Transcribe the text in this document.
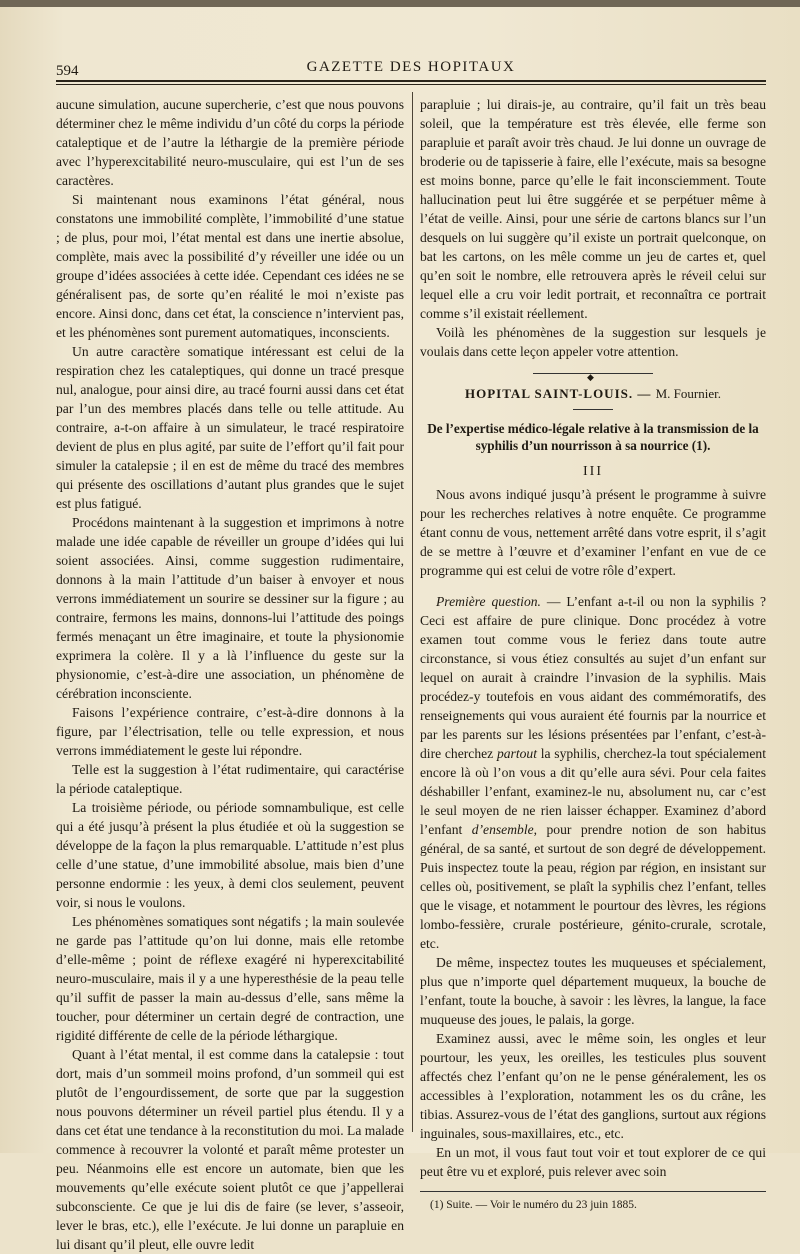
594	GAZETTE DES HOPITAUX

aucune simulation, aucune supercherie, c’est que nous pouvons déterminer chez le même individu d’un côté du corps la période cataleptique et de l’autre la léthargie de la première période avec l’hyperexcitabilité neuro-musculaire, qui est l’un de ses caractères.

Si maintenant nous examinons l’état général, nous constatons une immobilité complète, l’immobilité d’une statue ; de plus, pour moi, l’état mental est dans une inertie absolue, complète, mais avec la possibilité d’y réveiller une idée ou un groupe d’idées associées à cette idée. Cependant ces idées ne se généralisent pas, de sorte qu’en réalité le moi n’existe pas encore. Ainsi donc, dans cet état, la conscience n’intervient pas, et les phénomènes sont purement automatiques, inconscients.

Un autre caractère somatique intéressant est celui de la respiration chez les cataleptiques, qui donne un tracé presque nul, analogue, pour ainsi dire, au tracé fourni aussi dans cet état par l’un des membres placés dans telle ou telle attitude. Au contraire, a-t-on affaire à un simulateur, le tracé respiratoire devient de plus en plus agité, par suite de l’effort qu’il fait pour simuler la catalepsie ; il en est de même du tracé des membres qui présente des oscillations d’autant plus grandes que le sujet est plus fatigué.

Procédons maintenant à la suggestion et imprimons à notre malade une idée capable de réveiller un groupe d’idées qui lui soient associées. Ainsi, comme suggestion rudimentaire, donnons à la main l’attitude d’un baiser à envoyer et nous verrons immédiatement un sourire se dessiner sur la figure ; au contraire, fermons les mains, donnons-lui l’attitude des poings fermés menaçant un être imaginaire, et toute la physionomie exprimera la colère. Il y a là l’influence du geste sur la physionomie, c’est-à-dire une association, un phénomène de cérébration inconsciente.

Faisons l’expérience contraire, c’est-à-dire donnons à la figure, par l’électrisation, telle ou telle expression, et nous verrons immédiatement le geste lui répondre.

Telle est la suggestion à l’état rudimentaire, qui caractérise la période cataleptique.

La troisième période, ou période somnambulique, est celle qui a été jusqu’à présent la plus étudiée et où la suggestion se développe de la façon la plus remarquable. L’attitude n’est plus celle d’une statue, d’une immobilité absolue, mais bien d’une personne endormie : les yeux, à demi clos seulement, peuvent voir, si nous le voulons.

Les phénomènes somatiques sont négatifs ; la main soulevée ne garde pas l’attitude qu’on lui donne, mais elle retombe d’elle-même ; point de réflexe exagéré ni hyperexcitabilité neuro-musculaire, mais il y a une hyperesthésie de la peau telle qu’il suffit de passer la main au-dessus d’elle, sans même la toucher, pour déterminer un certain degré de contraction, une rigidité différente de celle de la période léthargique.

Quant à l’état mental, il est comme dans la catalepsie : tout dort, mais d’un sommeil moins profond, d’un sommeil qui est plutôt de l’engourdissement, de sorte que par la suggestion nous pouvons déterminer un réveil partiel plus étendu. Il y a dans cet état une tendance à la reconstitution du moi. La malade commence à recouvrer la volonté et paraît même protester un peu. Néanmoins elle est encore un automate, bien que les mouvements qu’elle exécute soient plutôt ce que j’appellerai subconsciente. Ce que je lui dis de faire (se lever, s’asseoir, lever le bras, etc.), elle l’exécute. Je lui donne un parapluie en lui disant qu’il pleut, elle ouvre ledit

parapluie ; lui dirais-je, au contraire, qu’il fait un très beau soleil, que la température est très élevée, elle ferme son parapluie et paraît avoir très chaud. Je lui donne un ouvrage de broderie ou de tapisserie à faire, elle l’exécute, mais sa besogne est moins bonne, parce qu’elle le fait inconsciemment. Toute hallucination peut lui être suggérée et se perpétuer même à l’état de veille. Ainsi, pour une série de cartons blancs sur l’un desquels on lui suggère qu’il existe un portrait quelconque, on bat les cartons, on les mêle comme un jeu de cartes et, quel qu’en soit le nombre, elle retrouvera après le réveil celui sur lequel elle a cru voir ledit portrait, et reconnaîtra ce portrait comme s’il existait réellement.

Voilà les phénomènes de la suggestion sur lesquels je voulais dans cette leçon appeler votre attention.

◆
HOPITAL SAINT-LOUIS. — M. Fournier.
De l’expertise médico-légale relative à la transmission de la syphilis d’un nourrisson à sa nourrice (1).
III

Nous avons indiqué jusqu’à présent le programme à suivre pour les recherches relatives à notre enquête. Ce programme étant connu de vous, nettement arrêté dans votre esprit, il s’agit de se mettre à l’œuvre et d’examiner l’enfant en vue de ce programme qui est celui de votre rôle d’expert.

Première question. — L’enfant a-t-il ou non la syphilis ? Ceci est affaire de pure clinique. Donc procédez à votre examen tout comme vous le feriez dans toute autre circonstance, si vous étiez consultés au sujet d’un enfant sur lequel on aurait à craindre l’invasion de la syphilis. Mais procédez-y toutefois en vous aidant des commémoratifs, des renseignements qui vous auraient été fournis par la nourrice et par les parents sur les lésions présentées par l’enfant, c’est-à-dire cherchez partout la syphilis, cherchez-la tout spécialement encore là où l’on vous a dit qu’elle aura sévi. Pour cela faites déshabiller l’enfant, examinez-le nu, absolument nu, car c’est le seul moyen de ne rien laisser échapper. Examinez d’abord l’enfant d’ensemble, pour prendre notion de son habitus général, de sa santé, et surtout de son degré de développement. Puis inspectez toute la peau, région par région, en insistant sur celles où, positivement, se plaît la syphilis chez l’enfant, telles que le visage, et notamment le pourtour des lèvres, les régions lombo-fessière, crurale postérieure, génito-crurale, scrotale, etc.

De même, inspectez toutes les muqueuses et spécialement, plus que n’importe quel département muqueux, la bouche de l’enfant, toute la bouche, à savoir : les lèvres, la langue, la face muqueuse des joues, le palais, la gorge.

Examinez aussi, avec le même soin, les ongles et leur pourtour, les yeux, les oreilles, les testicules plus souvent affectés chez l’enfant qu’on ne le pense généralement, les os accessibles à l’exploration, notamment les os du crâne, les tibias. Assurez-vous de l’état des ganglions, surtout aux régions inguinales, sous-maxillaires, etc., etc.

En un mot, il vous faut tout voir et tout explorer de ce qui peut être vu et exploré, puis relever avec soin

(1) Suite. — Voir le numéro du 23 juin 1885.
